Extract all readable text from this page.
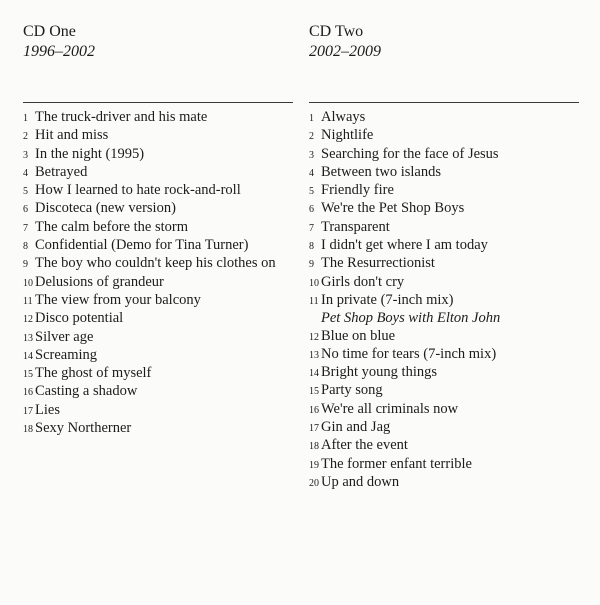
CD One

1996–2002

CD Two

2002–2009

1 The truck-driver and his mate
2 Hit and miss
3 In the night (1995)
4 Betrayed
5 How I learned to hate rock-and-roll
6 Discoteca (new version)
7 The calm before the storm
8 Confidential (Demo for Tina Turner)
9 The boy who couldn't keep his clothes on
10 Delusions of grandeur
11 The view from your balcony
12 Disco potential
13 Silver age
14 Screaming
15 The ghost of myself
16 Casting a shadow
17 Lies
18 Sexy Northerner
1 Always
2 Nightlife
3 Searching for the face of Jesus
4 Between two islands
5 Friendly fire
6 We're the Pet Shop Boys
7 Transparent
8 I didn't get where I am today
9 The Resurrectionist
10 Girls don't cry
11 In private (7-inch mix)
Pet Shop Boys with Elton John
12 Blue on blue
13 No time for tears (7-inch mix)
14 Bright young things
15 Party song
16 We're all criminals now
17 Gin and Jag
18 After the event
19 The former enfant terrible
20 Up and down
